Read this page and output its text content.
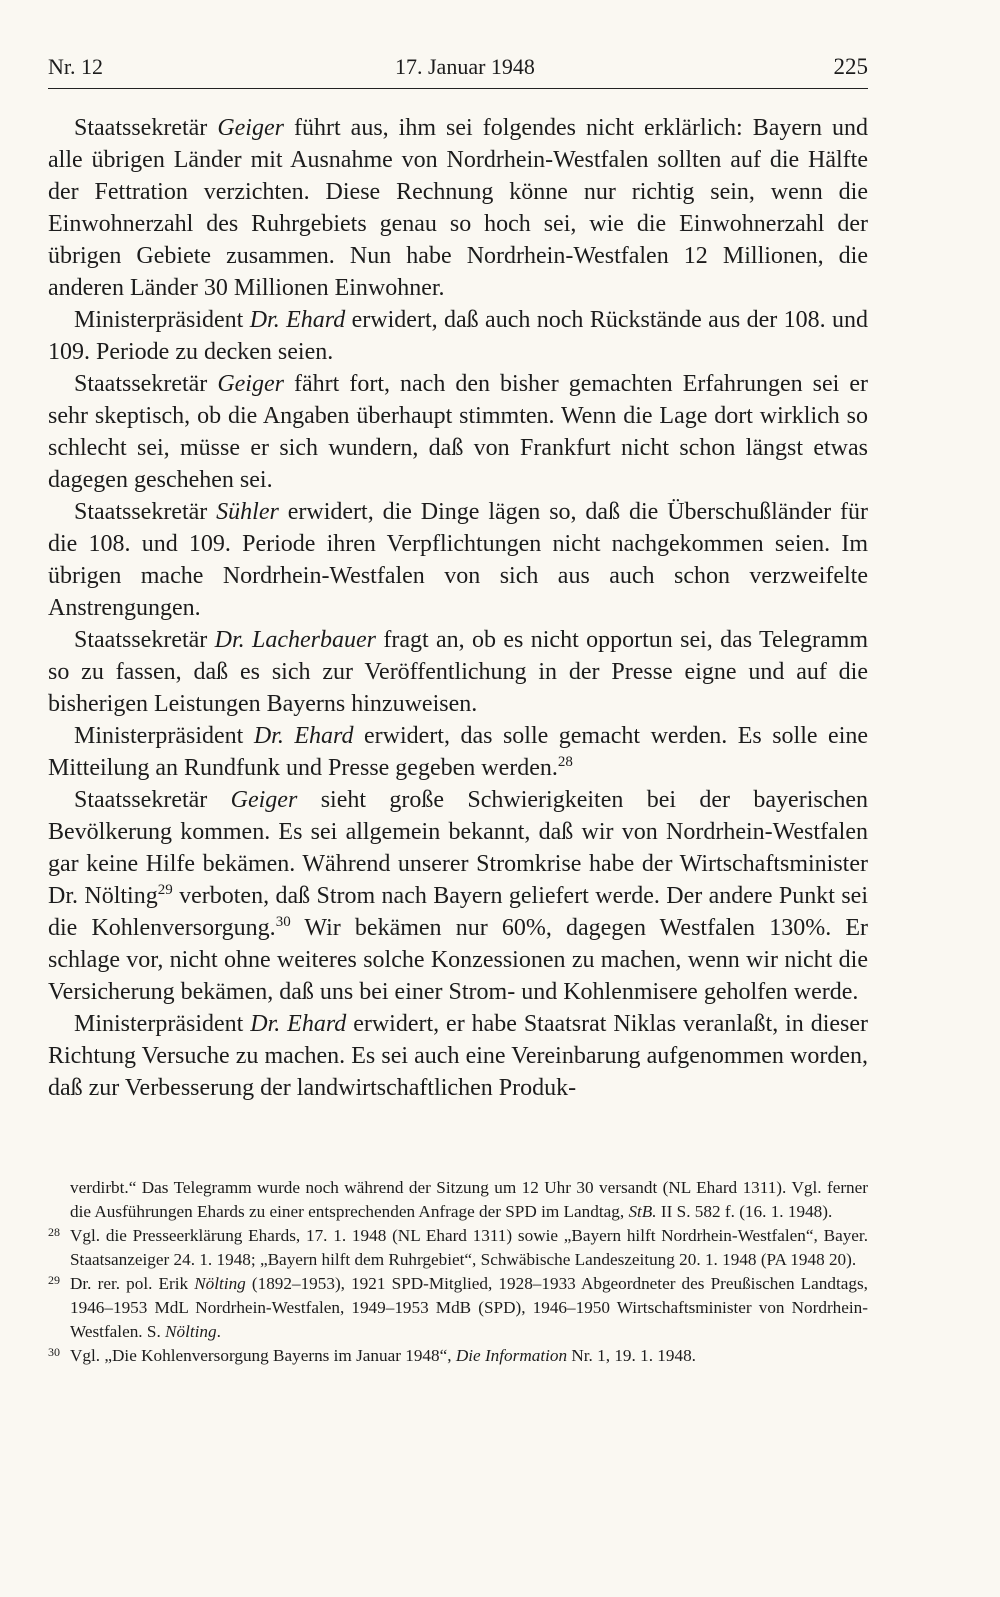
Nr. 12	17. Januar 1948	225

Staatssekretär Geiger führt aus, ihm sei folgendes nicht erklärlich: Bayern und alle übrigen Länder mit Ausnahme von Nordrhein-Westfalen sollten auf die Hälfte der Fettration verzichten. Diese Rechnung könne nur richtig sein, wenn die Einwohnerzahl des Ruhrgebiets genau so hoch sei, wie die Einwohnerzahl der übrigen Gebiete zusammen. Nun habe Nordrhein-Westfalen 12 Millionen, die anderen Länder 30 Millionen Einwohner.

Ministerpräsident Dr. Ehard erwidert, daß auch noch Rückstände aus der 108. und 109. Periode zu decken seien.

Staatssekretär Geiger fährt fort, nach den bisher gemachten Erfahrungen sei er sehr skeptisch, ob die Angaben überhaupt stimmten. Wenn die Lage dort wirklich so schlecht sei, müsse er sich wundern, daß von Frankfurt nicht schon längst etwas dagegen geschehen sei.

Staatssekretär Sühler erwidert, die Dinge lägen so, daß die Überschußländer für die 108. und 109. Periode ihren Verpflichtungen nicht nachgekommen seien. Im übrigen mache Nordrhein-Westfalen von sich aus auch schon verzweifelte Anstrengungen.

Staatssekretär Dr. Lacherbauer fragt an, ob es nicht opportun sei, das Telegramm so zu fassen, daß es sich zur Veröffentlichung in der Presse eigne und auf die bisherigen Leistungen Bayerns hinzuweisen.

Ministerpräsident Dr. Ehard erwidert, das solle gemacht werden. Es solle eine Mitteilung an Rundfunk und Presse gegeben werden.$^{28}$

Staatssekretär Geiger sieht große Schwierigkeiten bei der bayerischen Bevölkerung kommen. Es sei allgemein bekannt, daß wir von Nordrhein-Westfalen gar keine Hilfe bekämen. Während unserer Stromkrise habe der Wirtschaftsminister Dr. Nölting$^{29}$ verboten, daß Strom nach Bayern geliefert werde. Der andere Punkt sei die Kohlenversorgung.$^{30}$ Wir bekämen nur 60%, dagegen Westfalen 130%. Er schlage vor, nicht ohne weiteres solche Konzessionen zu machen, wenn wir nicht die Versicherung bekämen, daß uns bei einer Strom- und Kohlenmisere geholfen werde.

Ministerpräsident Dr. Ehard erwidert, er habe Staatsrat Niklas veranlaßt, in dieser Richtung Versuche zu machen. Es sei auch eine Vereinbarung aufgenommen worden, daß zur Verbesserung der landwirtschaftlichen Produk-

verdirbt.“ Das Telegramm wurde noch während der Sitzung um 12 Uhr 30 versandt (NL Ehard 1311). Vgl. ferner die Ausführungen Ehards zu einer entsprechenden Anfrage der SPD im Landtag, StB. II S. 582 f. (16. 1. 1948).

28 Vgl. die Presseerklärung Ehards, 17. 1. 1948 (NL Ehard 1311) sowie „Bayern hilft Nordrhein-Westfalen“, Bayer. Staatsanzeiger 24. 1. 1948; „Bayern hilft dem Ruhrgebiet“, Schwäbische Landeszeitung 20. 1. 1948 (PA 1948 20).

29 Dr. rer. pol. Erik Nölting (1892–1953), 1921 SPD-Mitglied, 1928–1933 Abgeordneter des Preußischen Landtags, 1946–1953 MdL Nordrhein-Westfalen, 1949–1953 MdB (SPD), 1946–1950 Wirtschaftsminister von Nordrhein-Westfalen. S. Nölting.

30 Vgl. „Die Kohlenversorgung Bayerns im Januar 1948“, Die Information Nr. 1, 19. 1. 1948.
